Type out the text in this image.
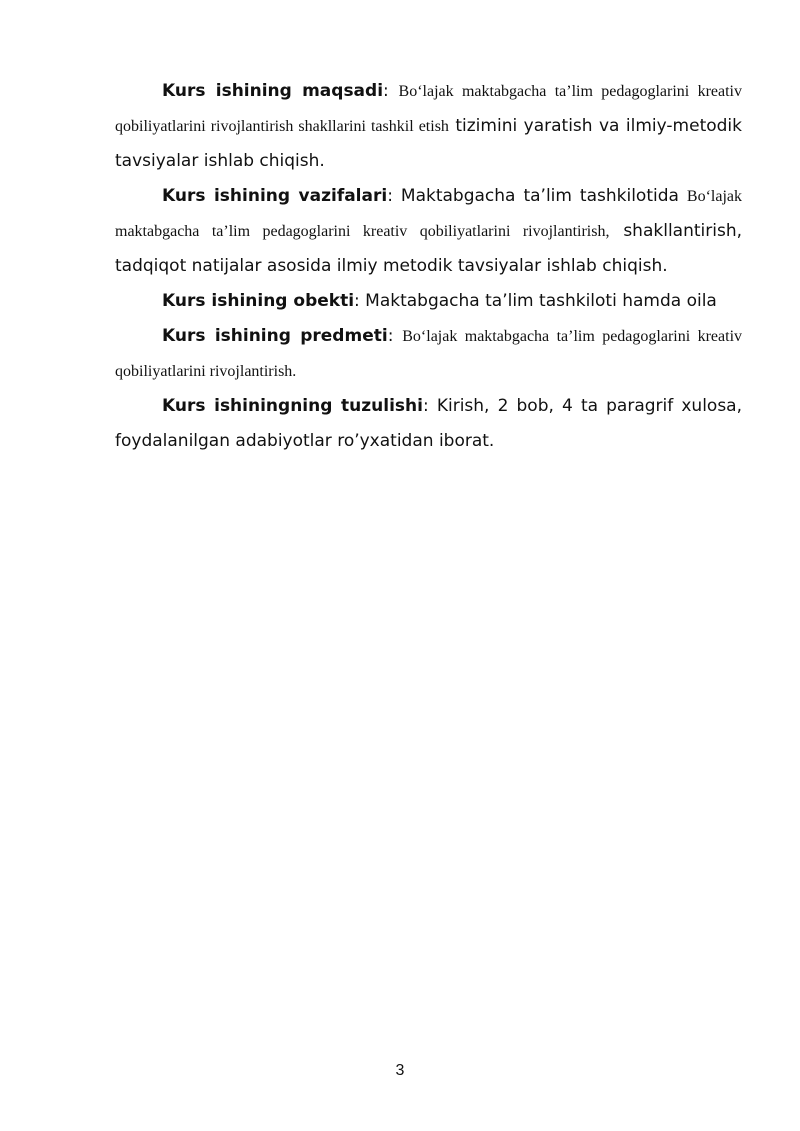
Kurs ishining maqsadi: Bo‘lajak maktabgacha ta’lim pedagoglarini kreativ qobiliyatlarini rivojlantirish shakllarini tashkil etish tizimini yaratish va ilmiy-metodik tavsiyalar ishlab chiqish.

Kurs ishining vazifalari: Maktabgacha ta’lim tashkilotida Bo‘lajak maktabgacha ta’lim pedagoglarini kreativ qobiliyatlarini rivojlantirish, shakllantirish, tadqiqot natijalar asosida ilmiy metodik tavsiyalar ishlab chiqish.

Kurs ishining obekti: Maktabgacha ta’lim tashkiloti hamda oila

Kurs ishining predmeti: Bo‘lajak maktabgacha ta’lim pedagoglarini kreativ qobiliyatlarini rivojlantirish.

Kurs ishiningning tuzulishi: Kirish, 2 bob, 4 ta paragrif xulosa, foydalanilgan adabiyotlar ro’yxatidan iborat.

3
